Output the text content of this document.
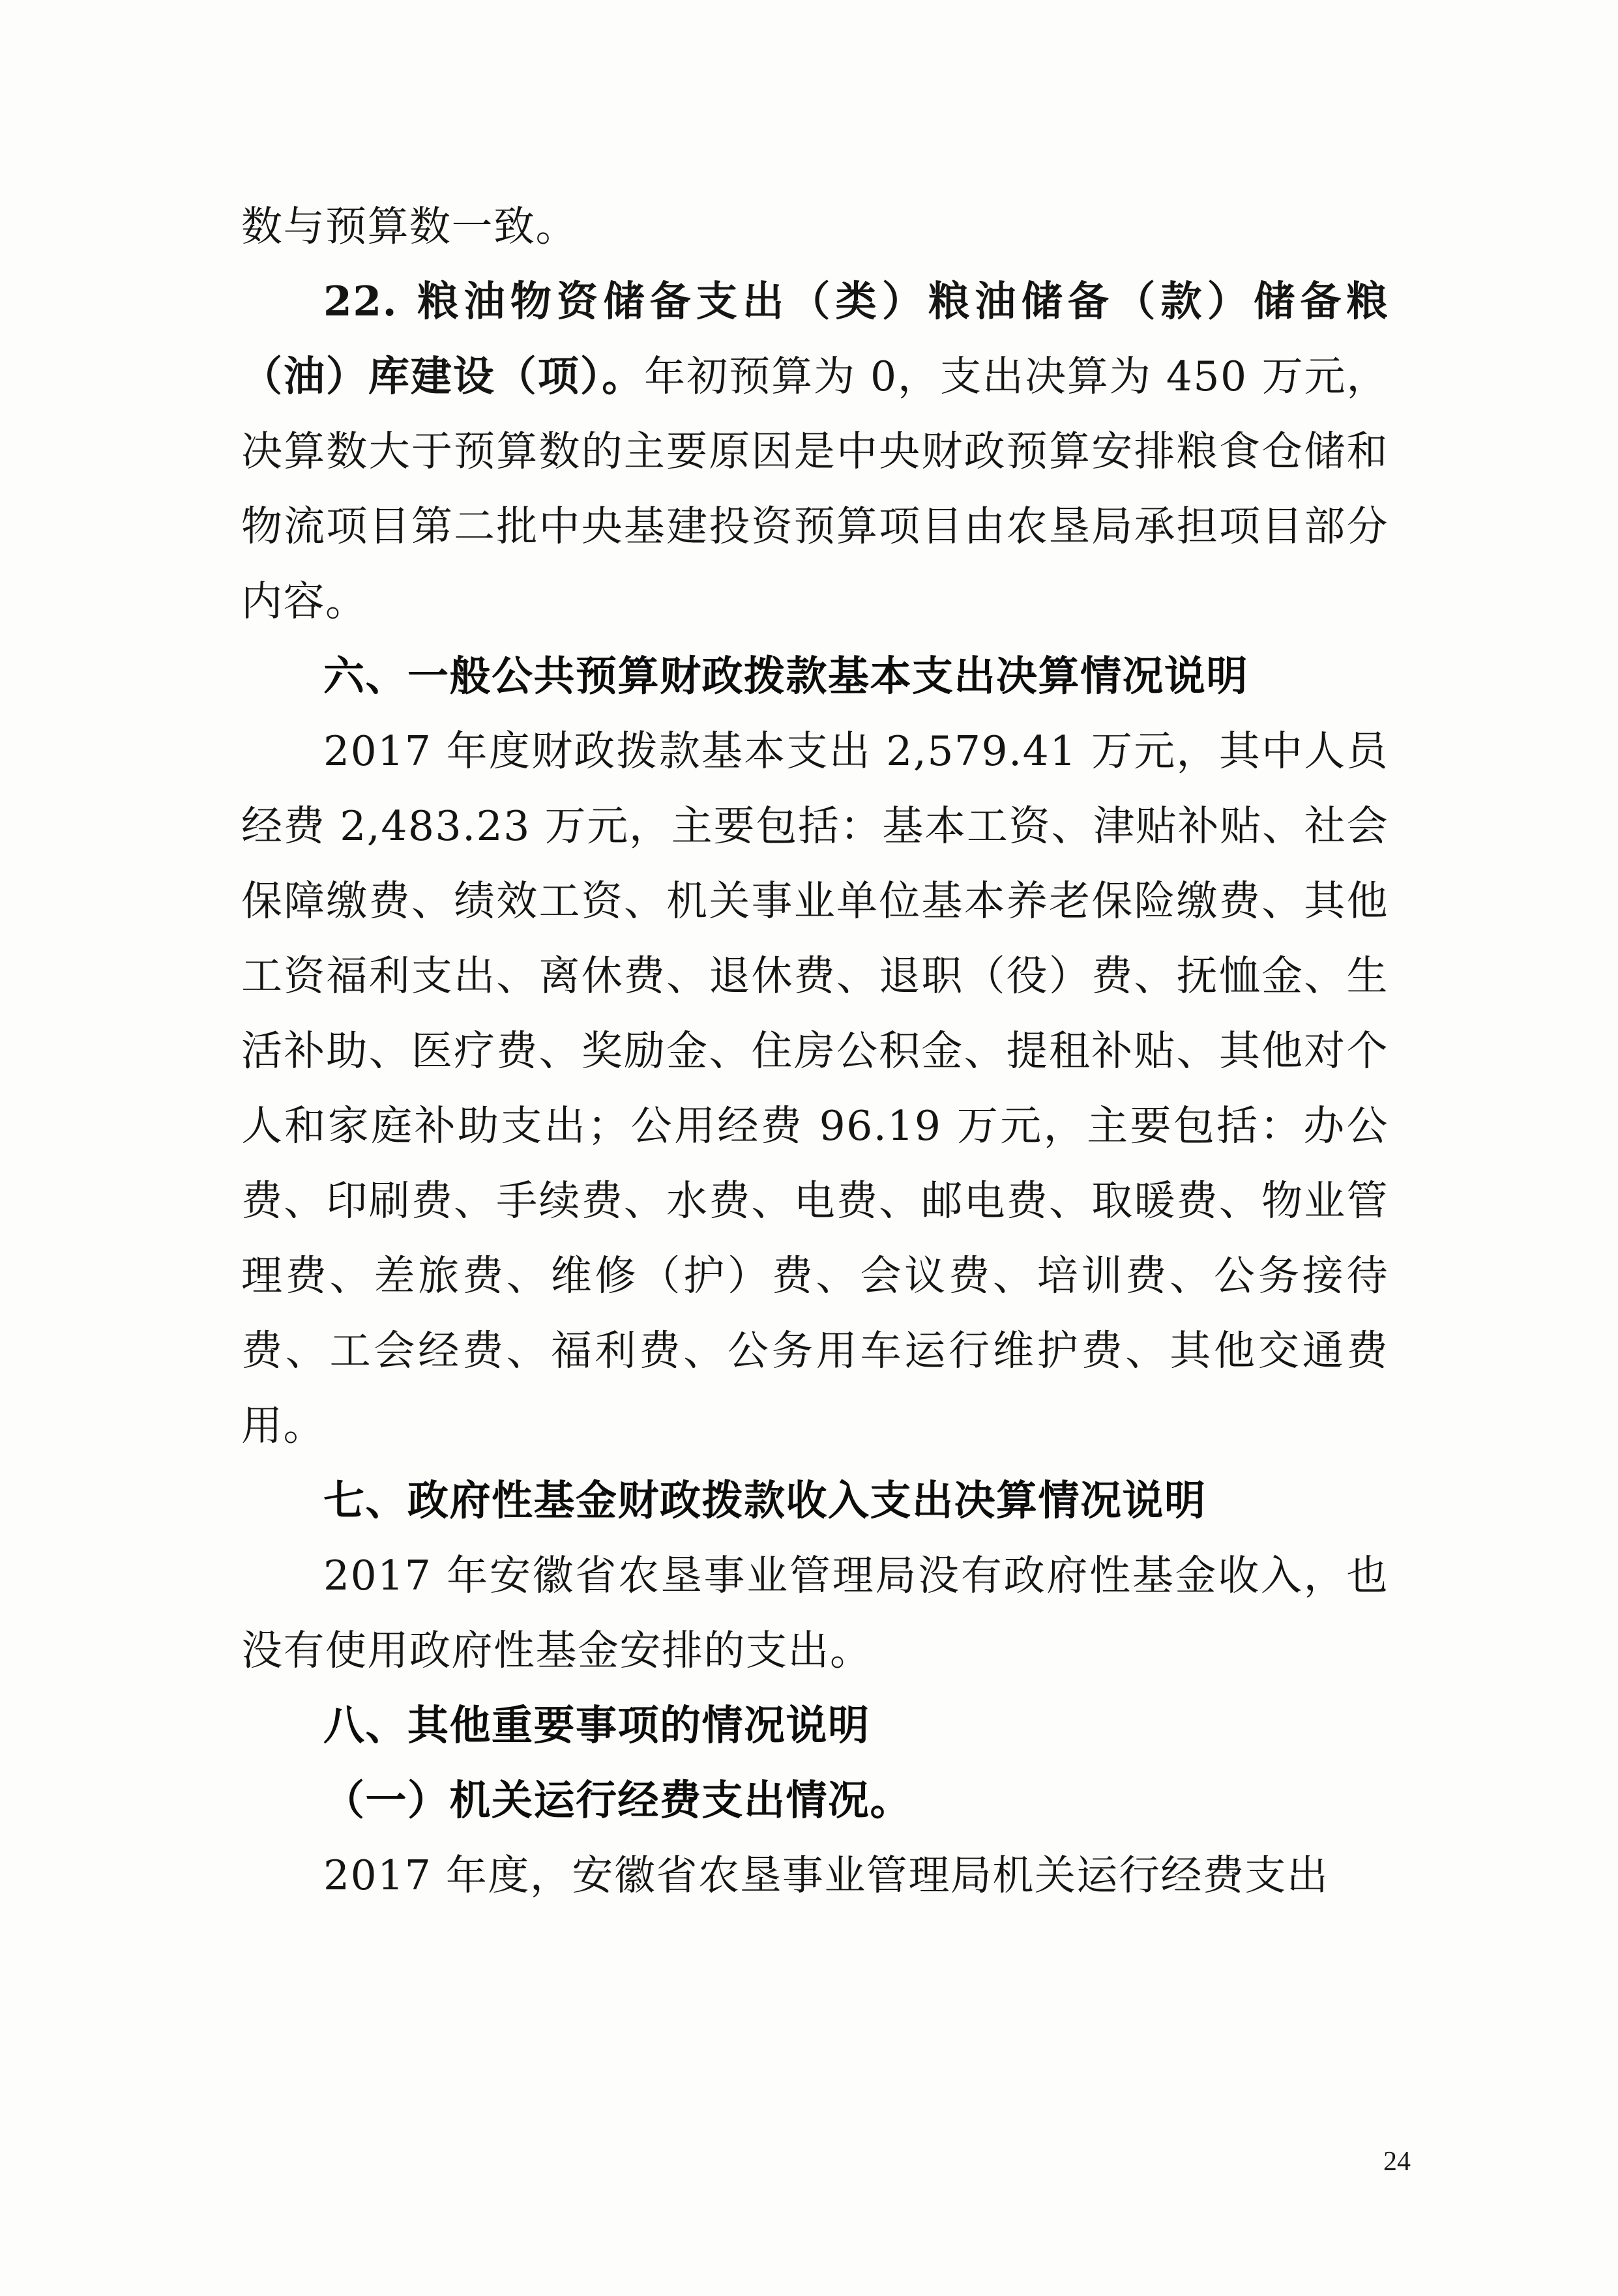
数与预算数一致。

22. 粮油物资储备支出（类）粮油储备（款）储备粮（油）库建设（项）。年初预算为 0，支出决算为 450 万元，决算数大于预算数的主要原因是中央财政预算安排粮食仓储和物流项目第二批中央基建投资预算项目由农垦局承担项目部分内容。

六、一般公共预算财政拨款基本支出决算情况说明

2017 年度财政拨款基本支出 2,579.41 万元，其中人员经费 2,483.23 万元，主要包括：基本工资、津贴补贴、社会保障缴费、绩效工资、机关事业单位基本养老保险缴费、其他工资福利支出、离休费、退休费、退职（役）费、抚恤金、生活补助、医疗费、奖励金、住房公积金、提租补贴、其他对个人和家庭补助支出；公用经费 96.19 万元，主要包括：办公费、印刷费、手续费、水费、电费、邮电费、取暖费、物业管理费、差旅费、维修（护）费、会议费、培训费、公务接待费、工会经费、福利费、公务用车运行维护费、其他交通费用。

七、政府性基金财政拨款收入支出决算情况说明

2017 年安徽省农垦事业管理局没有政府性基金收入，也没有使用政府性基金安排的支出。

八、其他重要事项的情况说明

（一）机关运行经费支出情况。

2017 年度，安徽省农垦事业管理局机关运行经费支出

24
